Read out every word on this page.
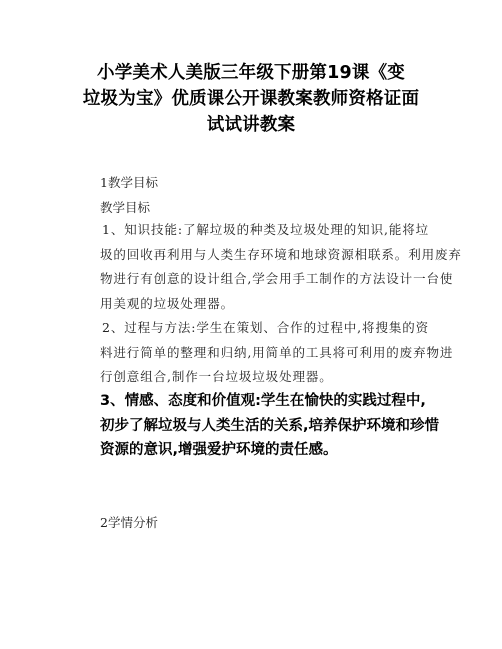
小学美术人美版三年级下册第19课《变
垃圾为宝》优质课公开课教案教师资格证面
试试讲教案
1教学目标
教学目标
1、知识技能:了解垃圾的种类及垃圾处理的知识,能将垃
圾的回收再利用与人类生存环境和地球资源相联系。利用废弃
物进行有创意的设计组合,学会用手工制作的方法设计一台使
用美观的垃圾处理器。
2、过程与方法:学生在策划、合作的过程中,将搜集的资
料进行简单的整理和归纳,用简单的工具将可利用的废弃物进
行创意组合,制作一台垃圾垃圾处理器。
3、情感、态度和价值观:学生在愉快的实践过程中,
初步了解垃圾与人类生活的关系,培养保护环境和珍惜
资源的意识,增强爱护环境的责任感。
2学情分析
